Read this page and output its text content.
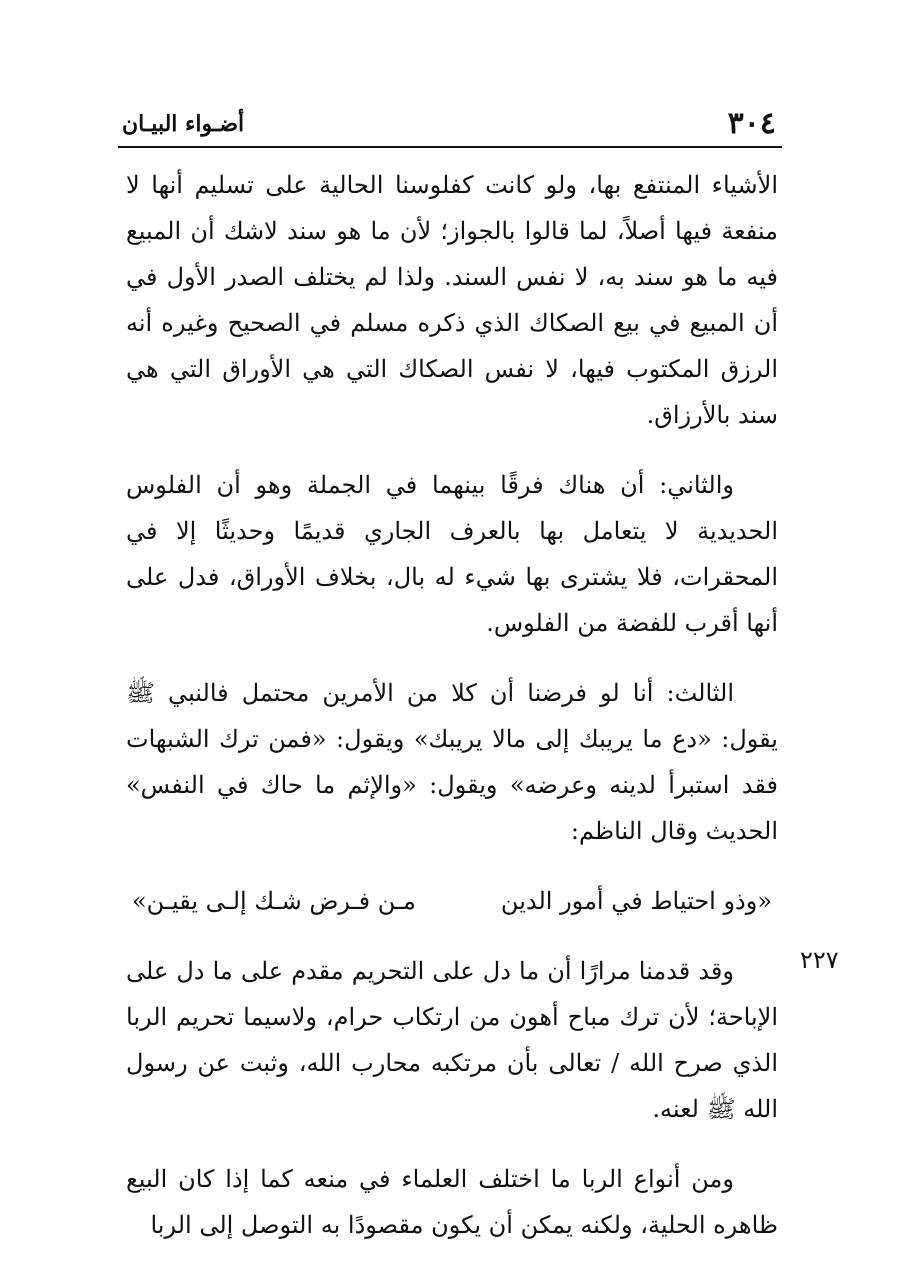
٣٠٤
أضـواء البيـان
٢٢٧

الأشياء المنتفع بها، ولو كانت كفلوسنا الحالية على تسليم أنها لا منفعة فيها أصلاً، لما قالوا بالجواز؛ لأن ما هو سند لاشك أن المبيع فيه ما هو سند به، لا نفس السند. ولذا لم يختلف الصدر الأول في أن المبيع في بيع الصكاك الذي ذكره مسلم في الصحيح وغيره أنه الرزق المكتوب فيها، لا نفس الصكاك التي هي الأوراق التي هي سند بالأرزاق.

والثاني: أن هناك فرقًا بينهما في الجملة وهو أن الفلوس الحديدية لا يتعامل بها بالعرف الجاري قديمًا وحديثًا إلا في المحقرات، فلا يشترى بها شيء له بال، بخلاف الأوراق، فدل على أنها أقرب للفضة من الفلوس.

الثالث: أنا لو فرضنا أن كلا من الأمرين محتمل فالنبي ﷺ يقول: «دع ما يريبك إلى مالا يريبك» ويقول: «فمن ترك الشبهات فقد استبرأ لدينه وعرضه» ويقول: «والإثم ما حاك في النفس» الحديث وقال الناظم:

«وذو احتياط في أمور الدين
مـن فـرض شـك إلـى يقيـن»

وقد قدمنا مرارًا أن ما دل على التحريم مقدم على ما دل على الإباحة؛ لأن ترك مباح أهون من ارتكاب حرام، ولاسيما تحريم الربا الذي صرح الله / تعالى بأن مرتكبه محارب الله، وثبت عن رسول الله ﷺ لعنه.

ومن أنواع الربا ما اختلف العلماء في منعه كما إذا كان البيع ظاهره الحلية، ولكنه يمكن أن يكون مقصودًا به التوصل إلى الربا
